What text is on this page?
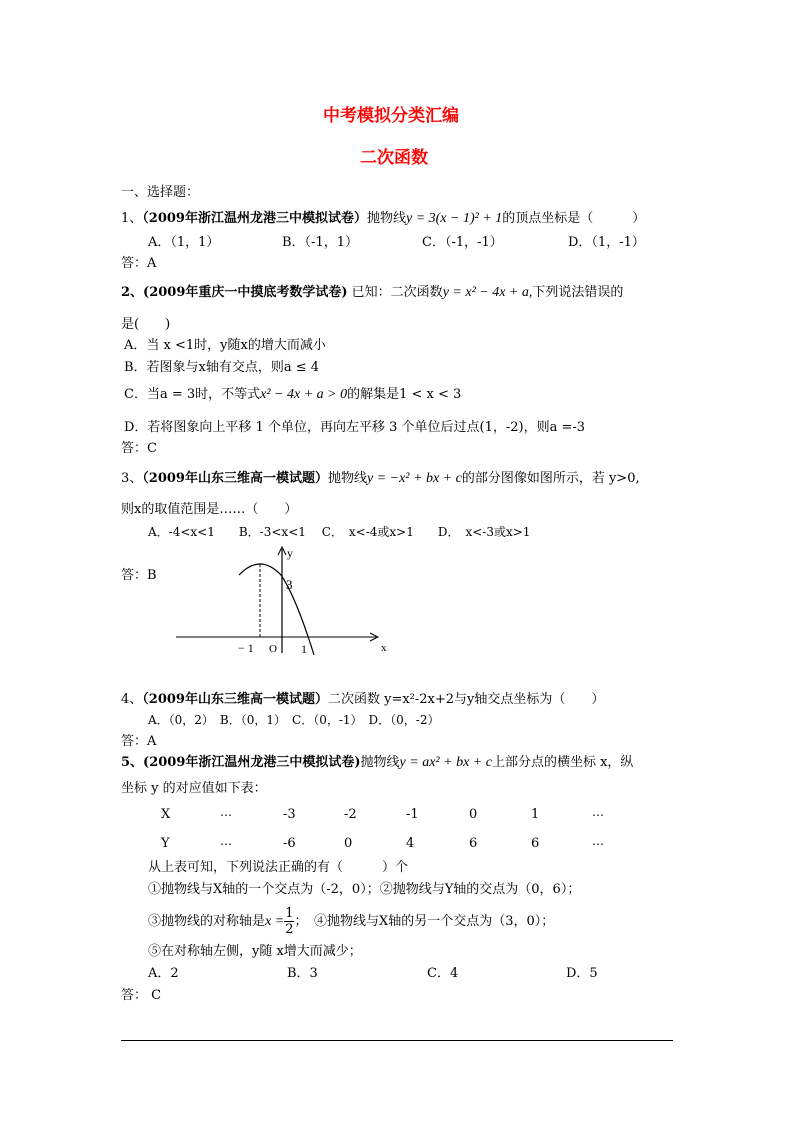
中考模拟分类汇编
二次函数
一、选择题：
1、（2009年浙江温州龙港三中模拟试卷）抛物线y = 3(x − 1)² + 1的顶点坐标是（　　　）
A．（1，1）	B．（-1，1）	C．（-1，-1）	D．（1，-1）
答：A
2、(2009年重庆一中摸底考数学试卷) 已知：二次函数y = x² − 4x + a,下列说法错误的
是(　　)
A．当 x <1时，y随x的增大而减小
B．若图象与x轴有交点，则a ≤ 4
C．当a = 3时，不等式x² − 4x + a > 0的解集是1 < x < 3
D．若将图象向上平移 1 个单位，再向左平移 3 个单位后过点(1，-2)，则a =-3
答：C
3、（2009年山东三维高一模试题）抛物线y = −x² + bx + c的部分图像如图所示，若 y>0,
则x的取值范围是……（　　）
A．-4<x<1　　B．-3<x<1　 C．　x<-4或x>1　　D．　x<-3或x>1
答：B
y
3
O
− 1	1	x
4、（2009年山东三维高一模试题）二次函数 y=x²-2x+2与y轴交点坐标为（　　）
A．（0，2）　B．（0，1）　C．（0，-1）　D．（0，-2）
答：A
5、(2009年浙江温州龙港三中模拟试卷)抛物线y = ax² + bx + c上部分点的横坐标 x，纵
坐标 y 的对应值如下表：
X	…	-3	-2	-1	0	1	…
Y	…	-6	0	4	6	6	…
从上表可知，下列说法正确的有（　　　）个
①抛物线与X轴的一个交点为（-2，0）；②抛物线与Y轴的交点为（0，6）；
③抛物线的对称轴是$x = \frac{1}{2}$ ；　④抛物线与X轴的另一个交点为（3，0）；
⑤在对称轴左侧，y随 x增大而减少；
A．2	B．3	C．4	D．5
答： C
